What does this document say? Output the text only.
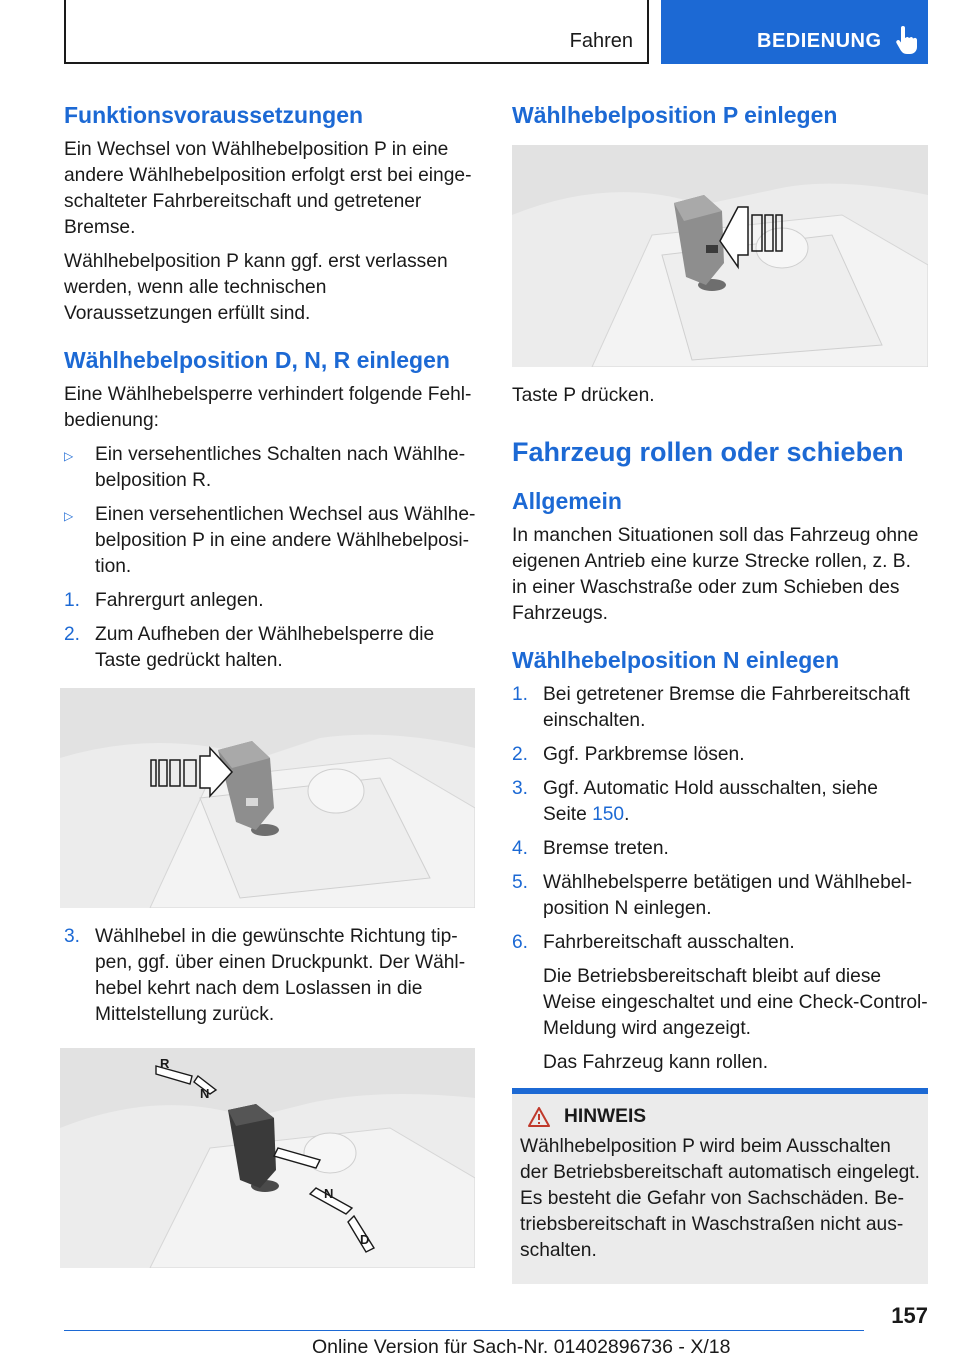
Fahren	BEDIENUNG
Funktionsvoraussetzungen

Ein Wechsel von Wählhebelposition P in eine andere Wählhebelposition erfolgt erst bei eingeschalteter Fahrbereitschaft und getretener Bremse.

Wählhebelposition P kann ggf. erst verlassen werden, wenn alle technischen Voraussetzungen erfüllt sind.

Wählhebelposition D, N, R einlegen

Eine Wählhebelsperre verhindert folgende Fehlbedienung:

▷ Ein versehentliches Schalten nach Wählhebelposition R.
▷ Einen versehentlichen Wechsel aus Wählhebelposition P in eine andere Wählhebelposition.
1. Fahrergurt anlegen.
2. Zum Aufheben der Wählhebelsperre die Taste gedrückt halten.
3. Wählhebel in die gewünschte Richtung tippen, ggf. über einen Druckpunkt. Der Wählhebel kehrt nach dem Loslassen in die Mittelstellung zurück.
R
N
N
D
Wählhebelposition P einlegen

Taste P drücken.

Fahrzeug rollen oder schieben
Allgemein

In manchen Situationen soll das Fahrzeug ohne eigenen Antrieb eine kurze Strecke rollen, z. B. in einer Waschstraße oder zum Schieben des Fahrzeugs.

Wählhebelposition N einlegen
1. Bei getretener Bremse die Fahrbereitschaft einschalten.
2. Ggf. Parkbremse lösen.
3. Ggf. Automatic Hold ausschalten, siehe
Seite 150.
4. Bremse treten.
5. Wählhebelsperre betätigen und Wählhebelposition N einlegen.
6. Fahrbereitschaft ausschalten.
Die Betriebsbereitschaft bleibt auf diese Weise eingeschaltet und eine Check-Control-Meldung wird angezeigt.
Das Fahrzeug kann rollen.
HINWEIS

Wählhebelposition P wird beim Ausschalten der Betriebsbereitschaft automatisch eingelegt. Es besteht die Gefahr von Sachschäden. Betriebsbereitschaft in Waschstraßen nicht ausschalten.

157
Online Version für Sach-Nr. 01402896736 - X/18
